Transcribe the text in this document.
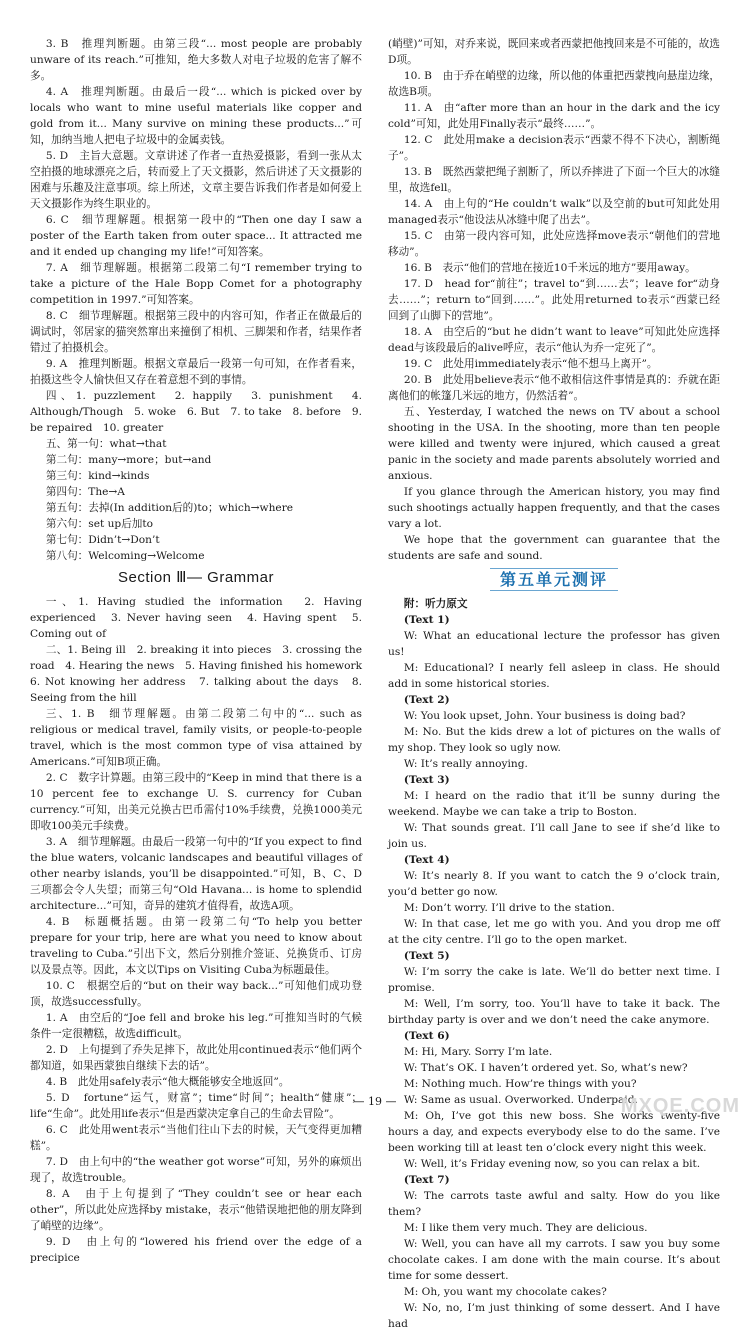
3. B　推理判断题。由第三段“... most people are probably unware of its reach.”可推知，绝大多数人对电子垃圾的危害了解不多。

4. A　推理判断题。由最后一段“... which is picked over by locals who want to mine useful materials like copper and gold from it... Many survive on mining these products...”可知，加纳当地人把电子垃圾中的金属卖钱。

5. D　主旨大意题。文章讲述了作者一直热爱摄影，看到一张从太空拍摄的地球漂亮之后，转而爱上了天文摄影，然后讲述了天文摄影的困难与乐趣及注意事项。综上所述，文章主要告诉我们作者是如何爱上天文摄影作为终生职业的。

6. C　细节理解题。根据第一段中的“Then one day I saw a poster of the Earth taken from outer space... It attracted me and it ended up changing my life!”可知答案。

7. A　细节理解题。根据第二段第二句“I remember trying to take a picture of the Hale Bopp Comet for a photography competition in 1997.”可知答案。

8. C　细节理解题。根据第三段中的内容可知，作者正在做最后的调试时，邻居家的猫突然窜出来撞倒了相机、三脚架和作者，结果作者错过了拍摄机会。

9. A　推理判断题。根据文章最后一段第一句可知，在作者看来，拍摄这些令人愉快但又存在着意想不到的事情。

四、1. puzzlement　2. happily　3. punishment　4. Although/Though　5. woke　6. But　7. to take　8. before　9. be repaired　10. greater

五、第一句：what→that

第二句：many→more；but→and

第三句：kind→kinds

第四句：The→A

第五句：去掉(In addition后的)to；which→where

第六句：set up后加to

第七句：Didn’t→Don’t

第八句：Welcoming→Welcome

Section Ⅲ— Grammar

一、1. Having studied the information　2. Having experienced　3. Never having seen　4. Having spent　5. Coming out of

二、1. Being ill　2. breaking it into pieces　3. crossing the road　4. Hearing the news　5. Having finished his homework　6. Not knowing her address　7. talking about the days　8. Seeing from the hill

三、1. B　细节理解题。由第二段第二句中的“... such as religious or medical travel, family visits, or people-to-people travel, which is the most common type of visa attained by Americans.”可知B项正确。

2. C　数字计算题。由第三段中的“Keep in mind that there is a 10 percent fee to exchange U. S. currency for Cuban currency.”可知，出美元兑换古巴币需付10%手续费，兑换1000美元即收100美元手续费。

3. A　细节理解题。由最后一段第一句中的“If you expect to find the blue waters, volcanic landscapes and beautiful villages of other nearby islands, you’ll be disappointed.”可知，B、C、D三项都会令人失望；而第三句“Old Havana... is home to splendid architecture...”可知，奇异的建筑才值得看，故选A项。

4. B　标题概括题。由第一段第二句“To help you better prepare for your trip, here are what you need to know about traveling to Cuba.”引出下文，然后分别推介签证、兑换货币、订房以及景点等。因此，本文以Tips on Visiting Cuba为标题最佳。

10. C　根据空后的“but on their way back...”可知他们成功登顶，故选successfully。

1. A　由空后的“Joe fell and broke his leg.”可推知当时的气候条件一定很糟糕，故选difficult。

2. D　上句提到了乔失足摔下，故此处用continued表示“他们两个都知道，如果西蒙独自继续下去的话”。

4. B　此处用safely表示“他大概能够安全地返回”。

5. D　fortune“运气，财富”；time“时间”；health“健康”；life“生命”。此处用life表示“但是西蒙决定拿自己的生命去冒险”。

6. C　此处用went表示“当他们往山下去的时候，天气变得更加糟糕”。

7. D　由上句中的“the weather got worse”可知，另外的麻烦出现了，故选trouble。

8. A　由于上句提到了“They couldn’t see or hear each other”，所以此处应选择by mistake，表示“他错误地把他的朋友降到了峭壁的边缘”。

9. D　由上句的“lowered his friend over the edge of a precipice

(峭壁)”可知，对乔来说，既回来或者西蒙把他拽回来是不可能的，故选D项。

10. B　由于乔在峭壁的边缘，所以他的体重把西蒙拽向悬崖边缘，故选B项。

11. A　由“after more than an hour in the dark and the icy cold”可知，此处用Finally表示“最终……”。

12. C　此处用make a decision表示“西蒙不得不下决心，割断绳子”。

13. B　既然西蒙把绳子割断了，所以乔摔进了下面一个巨大的冰缝里，故选fell。

14. A　由上句的“He couldn’t walk”以及空前的but可知此处用managed表示“他设法从冰缝中爬了出去”。

15. C　由第一段内容可知，此处应选择move表示“朝他们的营地移动”。

16. B　表示“他们的营地在接近10千米远的地方”要用away。

17. D　head for“前往”；travel to“到……去”；leave for“动身去……”；return to“回到……”。此处用returned to表示“西蒙已经回到了山脚下的营地”。

18. A　由空后的“but he didn’t want to leave”可知此处应选择dead与该段最后的alive呼应，表示“他认为乔一定死了”。

19. C　此处用immediately表示“他不想马上离开”。

20. B　此处用believe表示“他不敢相信这件事情是真的：乔就在距离他们的帐篷几米远的地方，仍然活着”。

五、Yesterday, I watched the news on TV about a school shooting in the USA. In the shooting, more than ten people were killed and twenty were injured, which caused a great panic in the society and made parents absolutely worried and anxious.

If you glance through the American history, you may find such shootings actually happen frequently, and that the cases vary a lot.

We hope that the government can guarantee that the students are safe and sound.

第五单元测评

附：听力原文

(Text 1)

W: What an educational lecture the professor has given us!

M: Educational? I nearly fell asleep in class. He should add in some historical stories.

(Text 2)

W: You look upset, John. Your business is doing bad?

M: No. But the kids drew a lot of pictures on the walls of my shop. They look so ugly now.

W: It’s really annoying.

(Text 3)

M: I heard on the radio that it’ll be sunny during the weekend. Maybe we can take a trip to Boston.

W: That sounds great. I’ll call Jane to see if she’d like to join us.

(Text 4)

W: It’s nearly 8. If you want to catch the 9 o’clock train, you’d better go now.

M: Don’t worry. I’ll drive to the station.

W: In that case, let me go with you. And you drop me off at the city centre. I’ll go to the open market.

(Text 5)

W: I’m sorry the cake is late. We’ll do better next time. I promise.

M: Well, I’m sorry, too. You’ll have to take it back. The birthday party is over and we don’t need the cake anymore.

(Text 6)

M: Hi, Mary. Sorry I’m late.

W: That’s OK. I haven’t ordered yet. So, what’s new?

M: Nothing much. How’re things with you?

W: Same as usual. Overworked. Underpaid.

M: Oh, I’ve got this new boss. She works twenty-five hours a day, and expects everybody else to do the same. I’ve been working till at least ten o’clock every night this week.

W: Well, it’s Friday evening now, so you can relax a bit.

(Text 7)

W: The carrots taste awful and salty. How do you like them?

M: I like them very much. They are delicious.

W: Well, you can have all my carrots. I saw you buy some chocolate cakes. I am done with the main course. It’s about time for some dessert.

M: Oh, you want my chocolate cakes?

W: No, no, I’m just thinking of some dessert. And I have had

— 19 —	MXQE.COM
